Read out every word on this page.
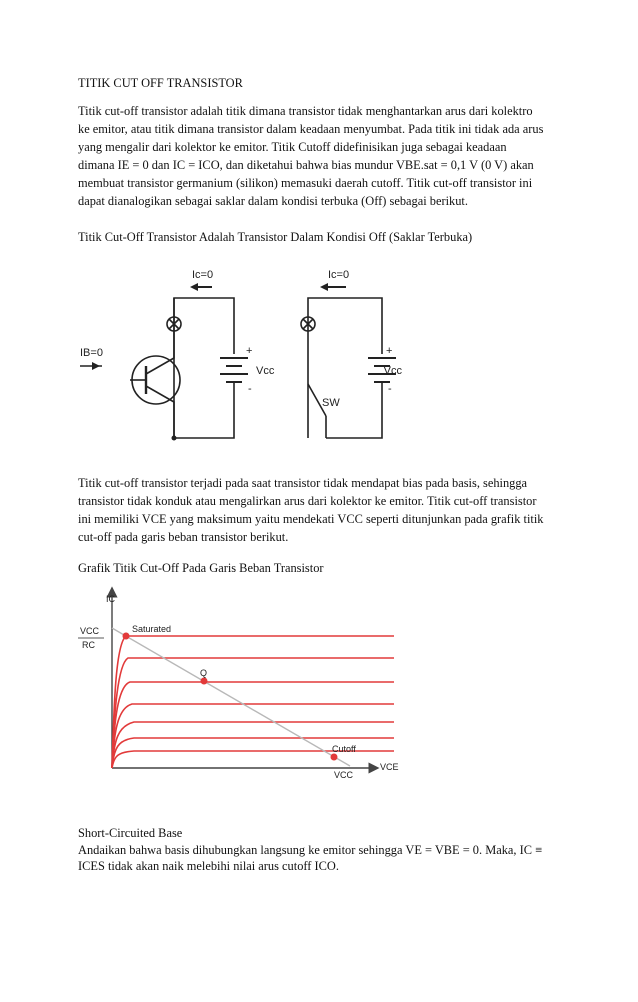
TITIK CUT OFF TRANSISTOR

Titik cut-off transistor adalah titik dimana transistor tidak menghantarkan arus dari kolektro
ke emitor, atau titik dimana transistor dalam keadaan menyumbat. Pada titik ini tidak ada arus
yang mengalir dari kolektor ke emitor. Titik Cutoff didefinisikan juga sebagai keadaan
dimana IE = 0 dan IC = ICO, dan diketahui bahwa bias mundur VBE.sat = 0,1 V (0 V) akan
membuat transistor germanium (silikon) memasuki daerah cutoff. Titik cut-off transistor ini
dapat dianalogikan sebagai saklar dalam kondisi terbuka (Off) sebagai berikut.

Titik Cut-Off Transistor Adalah Transistor Dalam Kondisi Off (Saklar Terbuka)

Ic=0	Ic=0
IB=0
Vcc	Vcc
SW
+
-
+
-

Titik cut-off transistor terjadi pada saat transistor tidak mendapat bias pada basis, sehingga
transistor tidak konduk atau mengalirkan arus dari kolektor ke emitor. Titik cut-off transistor
ini memiliki VCE yang maksimum yaitu mendekati VCC seperti ditunjunkan pada grafik titik
cut-off pada garis beban transistor berikut.

Grafik Titik Cut-Off Pada Garis Beban Transistor

IC
VCE
VCC
RC
Saturated
Q
Cutoff
VCC

Short-Circuited Base

Andaikan bahwa basis dihubungkan langsung ke emitor sehingga VE = VBE = 0. Maka, IC ≡
ICES tidak akan naik melebihi nilai arus cutoff ICO.
